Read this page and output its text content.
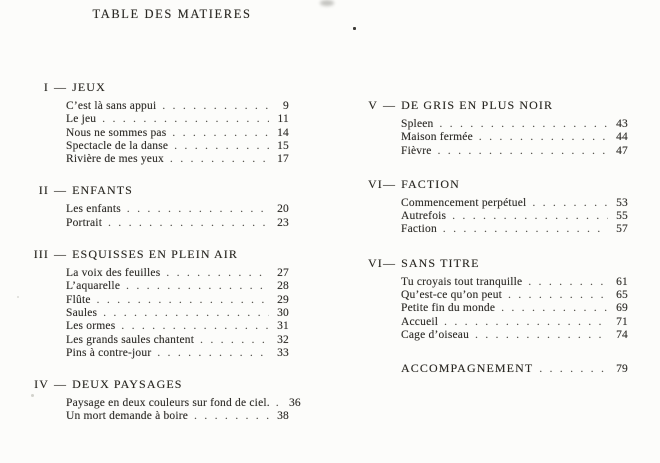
TABLE DES MATIERES
I — JEUX
C’est là sans appui . . .	9
Le jeu . . .	11
Nous ne sommes pas . . .	14
Spectacle de la danse . . .	15
Rivière de mes yeux . . .	17
II — ENFANTS
Les enfants . . .	20
Portrait . . .	23
III — ESQUISSES EN PLEIN AIR
La voix des feuilles . . .	27
L’aquarelle . . .	28
Flûte . . .	29
Saules . . .	30
Les ormes . . .	31
Les grands saules chantent . . .	32
Pins à contre-jour . . .	33
IV — DEUX PAYSAGES
Paysage en deux couleurs sur fond de ciel. . . .	36
Un mort demande à boire . . .	38
V — DE GRIS EN PLUS NOIR
Spleen . . .	43
Maison fermée . . .	44
Fièvre . . .	47
VI — FACTION
Commencement perpétuel . . .	53
Autrefois . . .	55
Faction . . .	57
VI — SANS TITRE
Tu croyais tout tranquille . . .	61
Qu’est-ce qu’on peut . . .	65
Petite fin du monde . . .	69
Accueil . . .	71
Cage d’oiseau . . .	74
ACCOMPAGNEMENT . . .	79
